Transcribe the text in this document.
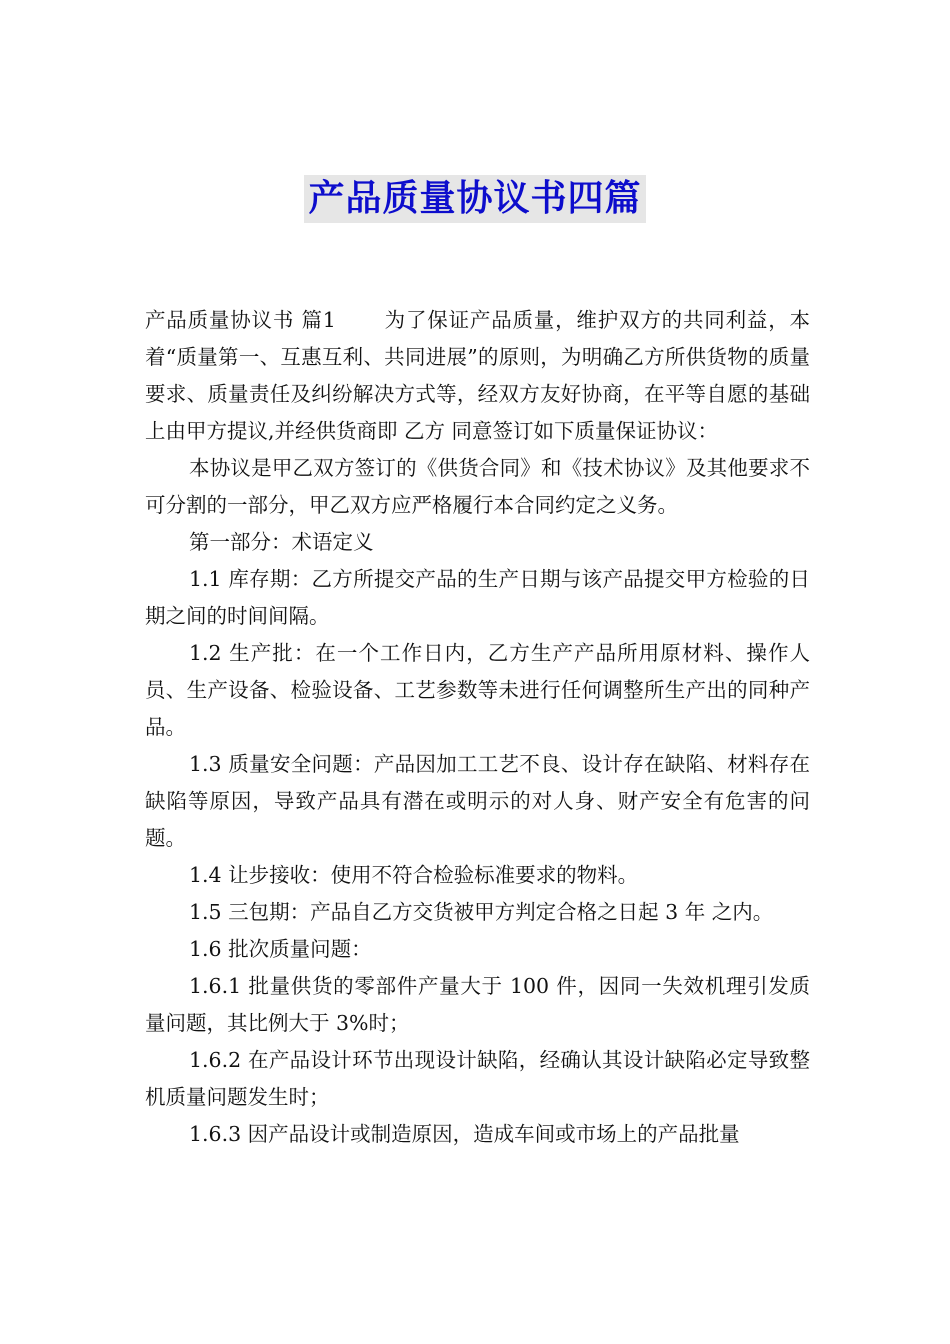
产品质量协议书四篇

产品质量协议书 篇1 为了保证产品质量，维护双方的共同利益，本着“质量第一、互惠互利、共同进展”的原则，为明确乙方所供货物的质量要求、质量责任及纠纷解决方式等，经双方友好协商，在平等自愿的基础上由甲方提议,并经供货商即 乙方 同意签订如下质量保证协议：

本协议是甲乙双方签订的《供货合同》和《技术协议》及其他要求不可分割的一部分，甲乙双方应严格履行本合同约定之义务。

第一部分：术语定义

1.1 库存期：乙方所提交产品的生产日期与该产品提交甲方检验的日期之间的时间间隔。

1.2 生产批：在一个工作日内，乙方生产产品所用原材料、操作人员、生产设备、检验设备、工艺参数等未进行任何调整所生产出的同种产品。

1.3 质量安全问题：产品因加工工艺不良、设计存在缺陷、材料存在缺陷等原因，导致产品具有潜在或明示的对人身、财产安全有危害的问题。

1.4 让步接收：使用不符合检验标准要求的物料。

1.5 三包期：产品自乙方交货被甲方判定合格之日起 3 年 之内。

1.6 批次质量问题：

1.6.1 批量供货的零部件产量大于 100 件，因同一失效机理引发质量问题，其比例大于 3%时；

1.6.2 在产品设计环节出现设计缺陷，经确认其设计缺陷必定导致整机质量问题发生时；

1.6.3 因产品设计或制造原因，造成车间或市场上的产品批量
